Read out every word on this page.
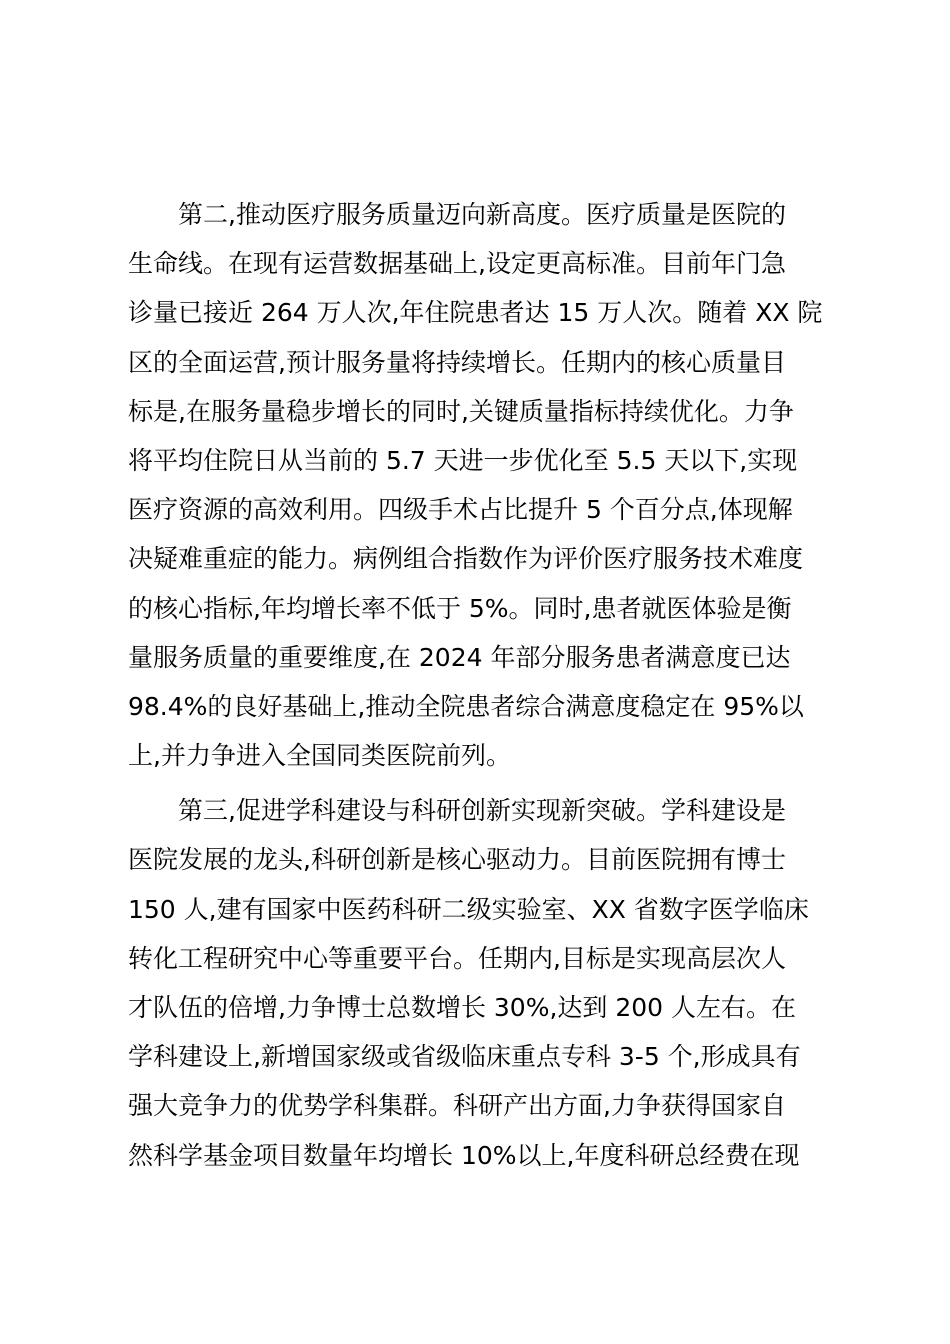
第二,推动医疗服务质量迈向新高度。医疗质量是医院的
生命线。在现有运营数据基础上,设定更高标准。目前年门急
诊量已接近 264 万人次,年住院患者达 15 万人次。随着 XX 院
区的全面运营,预计服务量将持续增长。任期内的核心质量目
标是,在服务量稳步增长的同时,关键质量指标持续优化。力争
将平均住院日从当前的 5.7 天进一步优化至 5.5 天以下,实现
医疗资源的高效利用。四级手术占比提升 5 个百分点,体现解
决疑难重症的能力。病例组合指数作为评价医疗服务技术难度
的核心指标,年均增长率不低于 5%。同时,患者就医体验是衡
量服务质量的重要维度,在 2024 年部分服务患者满意度已达
98.4%的良好基础上,推动全院患者综合满意度稳定在 95%以
上,并力争进入全国同类医院前列。
第三,促进学科建设与科研创新实现新突破。学科建设是
医院发展的龙头,科研创新是核心驱动力。目前医院拥有博士
150 人,建有国家中医药科研二级实验室、XX 省数字医学临床
转化工程研究中心等重要平台。任期内,目标是实现高层次人
才队伍的倍增,力争博士总数增长 30%,达到 200 人左右。在
学科建设上,新增国家级或省级临床重点专科 3-5 个,形成具有
强大竞争力的优势学科集群。科研产出方面,力争获得国家自
然科学基金项目数量年均增长 10%以上,年度科研总经费在现
